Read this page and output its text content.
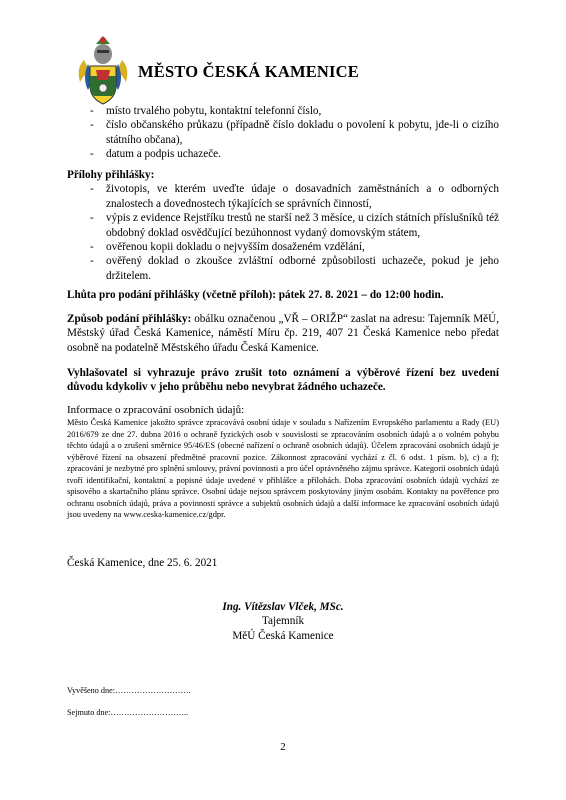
MĚSTO ČESKÁ KAMENICE
- místo trvalého pobytu, kontaktní telefonní číslo,
- číslo občanského průkazu (případně číslo dokladu o povolení k pobytu, jde-li o cizího státního občana),
- datum a podpis uchazeče.
Přílohy přihlášky:
- životopis, ve kterém uveďte údaje o dosavadních zaměstnáních a o odborných znalostech a dovednostech týkajících se správních činností,
- výpis z evidence Rejstříku trestů ne starší než 3 měsíce, u cizích státních příslušníků též obdobný doklad osvědčující bezúhonnost vydaný domovským státem,
- ověřenou kopii dokladu o nejvyšším dosaženém vzdělání,
- ověřený doklad o zkoušce zvláštní odborné způsobilosti uchazeče, pokud je jeho držitelem.
Lhůta pro podání přihlášky (včetně příloh): pátek 27. 8. 2021 – do 12:00 hodin.
Způsob podání přihlášky: obálku označenou „VŘ – ORIŽP“ zaslat na adresu: Tajemník MěÚ, Městský úřad Česká Kamenice, náměstí Míru čp. 219, 407 21 Česká Kamenice nebo předat osobně na podatelně Městského úřadu Česká Kamenice.
Vyhlašovatel si vyhrazuje právo zrušit toto oznámení a výběrové řízení bez uvedení důvodu kdykoliv v jeho průběhu nebo nevybrat žádného uchazeče.
Informace o zpracování osobních údajů:
Město Česká Kamenice jakožto správce zpracovává osobní údaje v souladu s Nařízením Evropského parlamentu a Rady (EU) 2016/679 ze dne 27. dubna 2016 o ochraně fyzických osob v souvislosti se zpracováním osobních údajů a o volném pohybu těchto údajů a o zrušení směrnice 95/46/ES (obecné nařízení o ochraně osobních údajů). Účelem zpracování osobních údajů je výběrové řízení na obsazení předmětné pracovní pozice. Zákonnost zpracování vychází z čl. 6 odst. 1 písm. b), c) a f); zpracování je nezbytné pro splnění smlouvy, právní povinnosti a pro účel oprávněného zájmu správce. Kategorii osobních údajů tvoří identifikační, kontaktní a popisné údaje uvedené v přihlášce a přílohách. Doba zpracování osobních údajů vychází ze spisového a skartačního plánu správce. Osobní údaje nejsou správcem poskytovány jiným osobám. Kontakty na pověřence pro ochranu osobních údajů, práva a povinnosti správce a subjektů osobních údajů a další informace ke zpracování osobních údajů jsou uvedeny na www.ceska-kamenice.cz/gdpr.
Česká Kamenice, dne 25. 6. 2021
Ing. Vítězslav Vlček, MSc.
Tajemník
MěÚ Česká Kamenice
Vyvěšeno dne:……………………….
Sejmuto dne:………………………..
2
